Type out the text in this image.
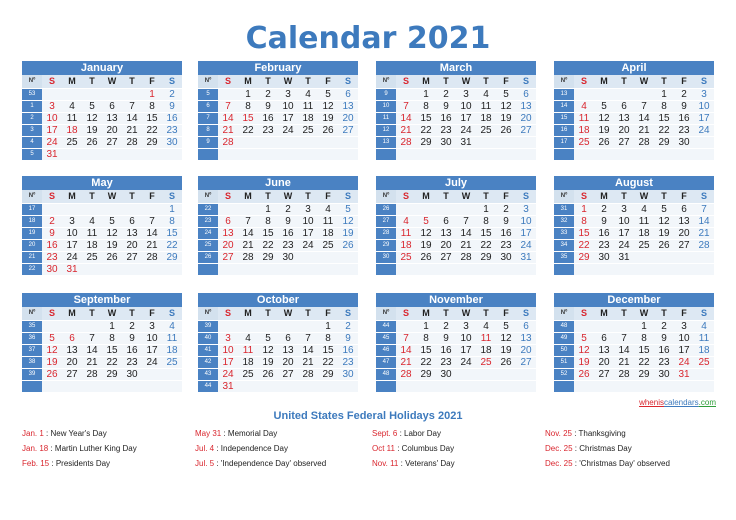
Calendar 2021
January
Nº	S	M	T	W	T	F	S
53						1	2
1	3	4	5	6	7	8	9
2	10	11	12	13	14	15	16
3	17	18	19	20	21	22	23
4	24	25	26	27	28	29	30
5	31						
February
Nº	S	M	T	W	T	F	S
5		1	2	3	4	5	6
6	7	8	9	10	11	12	13
7	14	15	16	17	18	19	20
8	21	22	23	24	25	26	27
9	28						

March
Nº	S	M	T	W	T	F	S
9		1	2	3	4	5	6
10	7	8	9	10	11	12	13
11	14	15	16	17	18	19	20
12	21	22	23	24	25	26	27
13	28	29	30	31			

April
Nº	S	M	T	W	T	F	S
13					1	2	3
14	4	5	6	7	8	9	10
15	11	12	13	14	15	16	17
16	18	19	20	21	22	23	24
17	25	26	27	28	29	30	

May
Nº	S	M	T	W	T	F	S
17							1
18	2	3	4	5	6	7	8
19	9	10	11	12	13	14	15
20	16	17	18	19	20	21	22
21	23	24	25	26	27	28	29
22	30	31					
June
Nº	S	M	T	W	T	F	S
22			1	2	3	4	5
23	6	7	8	9	10	11	12
24	13	14	15	16	17	18	19
25	20	21	22	23	24	25	26
26	27	28	29	30			

July
Nº	S	M	T	W	T	F	S
26					1	2	3
27	4	5	6	7	8	9	10
28	11	12	13	14	15	16	17
29	18	19	20	21	22	23	24
30	25	26	27	28	29	30	31

August
Nº	S	M	T	W	T	F	S
31	1	2	3	4	5	6	7
32	8	9	10	11	12	13	14
33	15	16	17	18	19	20	21
34	22	23	24	25	26	27	28
35	29	30	31				

September
Nº	S	M	T	W	T	F	S
35				1	2	3	4
36	5	6	7	8	9	10	11
37	12	13	14	15	16	17	18
38	19	20	21	22	23	24	25
39	26	27	28	29	30		

October
Nº	S	M	T	W	T	F	S
39						1	2
40	3	4	5	6	7	8	9
41	10	11	12	13	14	15	16
42	17	18	19	20	21	22	23
43	24	25	26	27	28	29	30
44	31						
November
Nº	S	M	T	W	T	F	S
44		1	2	3	4	5	6
45	7	8	9	10	11	12	13
46	14	15	16	17	18	19	20
47	21	22	23	24	25	26	27
48	28	29	30				

December
Nº	S	M	T	W	T	F	S
48				1	2	3	4
49	5	6	7	8	9	10	11
50	12	13	14	15	16	17	18
51	19	20	21	22	23	24	25
52	26	27	28	29	30	31	

wheniscalendars.com
United States Federal Holidays 2021
Jan. 1 : New Year's Day
Jan. 18 : Martin Luther King Day
Feb. 15 : Presidents Day
May 31 : Memorial Day
Jul. 4 : Independence Day
Jul. 5 : 'Independence Day' observed
Sept. 6 : Labor Day
Oct 11 : Columbus Day
Nov. 11 : Veterans' Day
Nov. 25 : Thanksgiving
Dec. 25 : Christmas Day
Dec. 25 : 'Christmas Day' observed
